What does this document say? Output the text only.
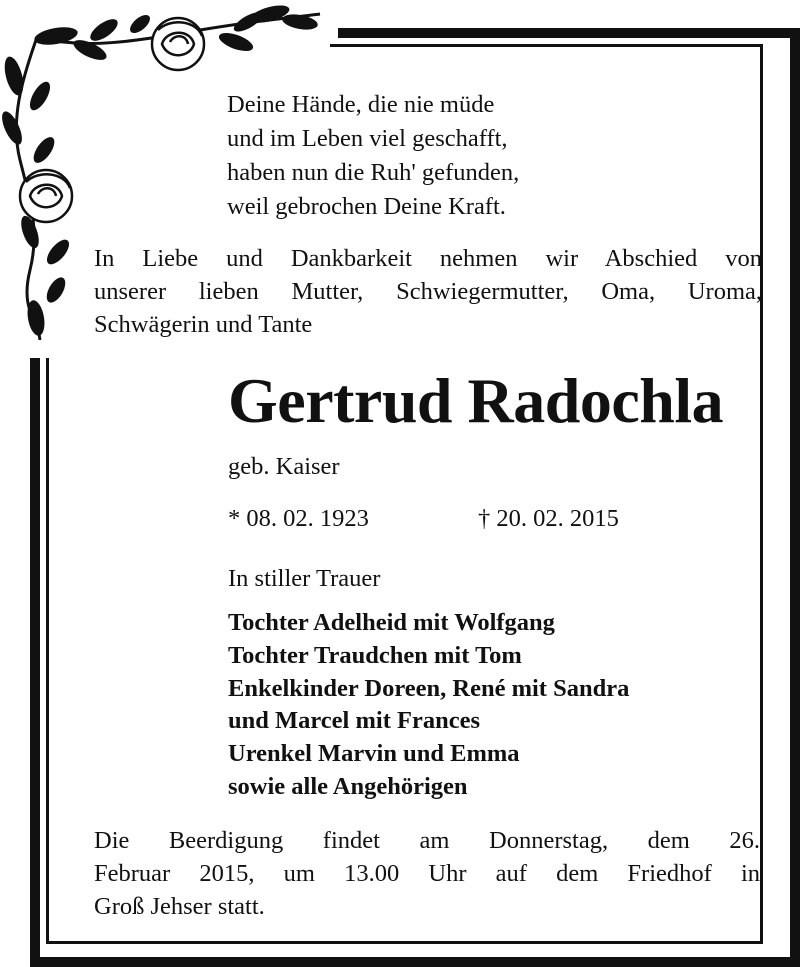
Deine Hände, die nie müde
und im Leben viel geschafft,
haben nun die Ruh' gefunden,
weil gebrochen Deine Kraft.
In Liebe und Dankbarkeit nehmen wir Abschied von
unserer lieben Mutter, Schwiegermutter, Oma, Uroma,
Schwägerin und Tante
Gertrud Radochla
geb. Kaiser
* 08. 02. 1923	† 20. 02. 2015
In stiller Trauer
Tochter Adelheid mit Wolfgang
Tochter Traudchen mit Tom
Enkelkinder Doreen, René mit Sandra
und Marcel mit Frances
Urenkel Marvin und Emma
sowie alle Angehörigen
Die Beerdigung findet am Donnerstag, dem 26.
Februar 2015, um 13.00 Uhr auf dem Friedhof in
Groß Jehser statt.
